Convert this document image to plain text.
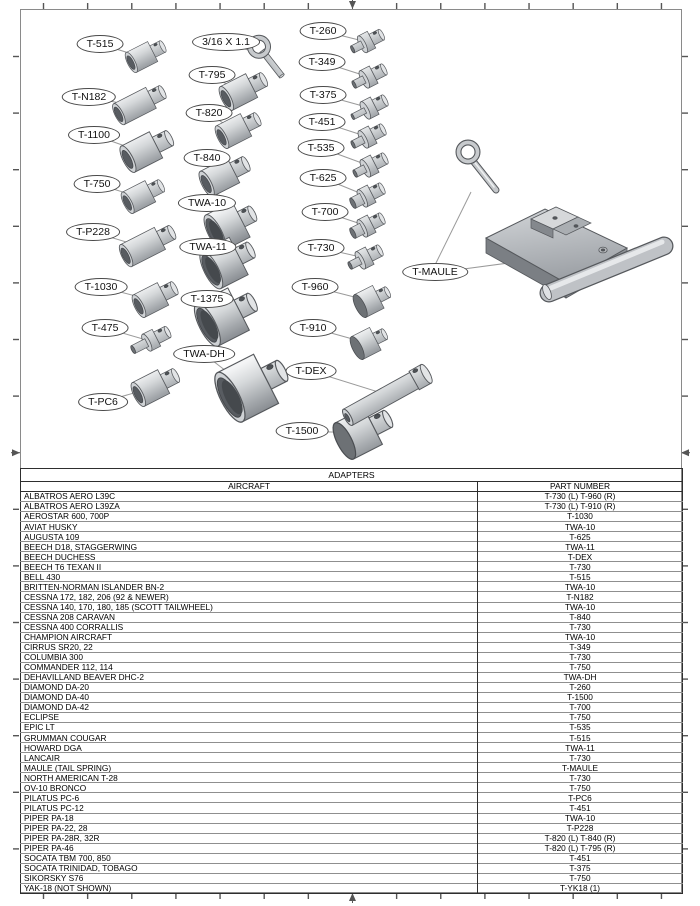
T-515
T-N182
T-1100
T-750
T-P228
T-1030
T-475
T-PC6
3/16 X 1.1
T-795
T-820
T-840
TWA-10
TWA-11
T-1375
TWA-DH
T-1500
T-260
T-349
T-375
T-451
T-535
T-625
T-700
T-730
T-960
T-910
T-DEX
T-MAULE
ADAPTERS	
AIRCRAFT	PART NUMBER
ALBATROS AERO L39C	T-730 (L) T-960 (R)
ALBATROS AERO L39ZA	T-730 (L) T-910 (R)
AEROSTAR 600, 700P	T-1030
AVIAT HUSKY	TWA-10
AUGUSTA 109	T-625
BEECH D18, STAGGERWING	TWA-11
BEECH DUCHESS	T-DEX
BEECH T6 TEXAN II	T-730
BELL 430	T-515
BRITTEN-NORMAN ISLANDER BN-2	TWA-10
CESSNA 172, 182, 206 (92 & NEWER)	T-N182
CESSNA 140, 170, 180, 185 (SCOTT TAILWHEEL)	TWA-10
CESSNA 208 CARAVAN	T-840
CESSNA 400 CORRALLIS	T-730
CHAMPION AIRCRAFT	TWA-10
CIRRUS SR20, 22	T-349
COLUMBIA 300	T-730
COMMANDER 112, 114	T-750
DEHAVILLAND BEAVER DHC-2	TWA-DH
DIAMOND DA-20	T-260
DIAMOND DA-40	T-1500
DIAMOND DA-42	T-700
ECLIPSE	T-750
EPIC LT	T-535
GRUMMAN COUGAR	T-515
HOWARD DGA	TWA-11
LANCAIR	T-730
MAULE (TAIL SPRING)	T-MAULE
NORTH AMERICAN T-28	T-730
OV-10 BRONCO	T-750
PILATUS PC-6	T-PC6
PILATUS PC-12	T-451
PIPER PA-18	TWA-10
PIPER PA-22, 28	T-P228
PIPER PA-28R, 32R	T-820 (L) T-840 (R)
PIPER PA-46	T-820 (L) T-795 (R)
SOCATA TBM 700, 850	T-451
SOCATA TRINIDAD, TOBAGO	T-375
SIKORSKY S76	T-750
YAK-18 (NOT SHOWN)	T-YK18 (1)
